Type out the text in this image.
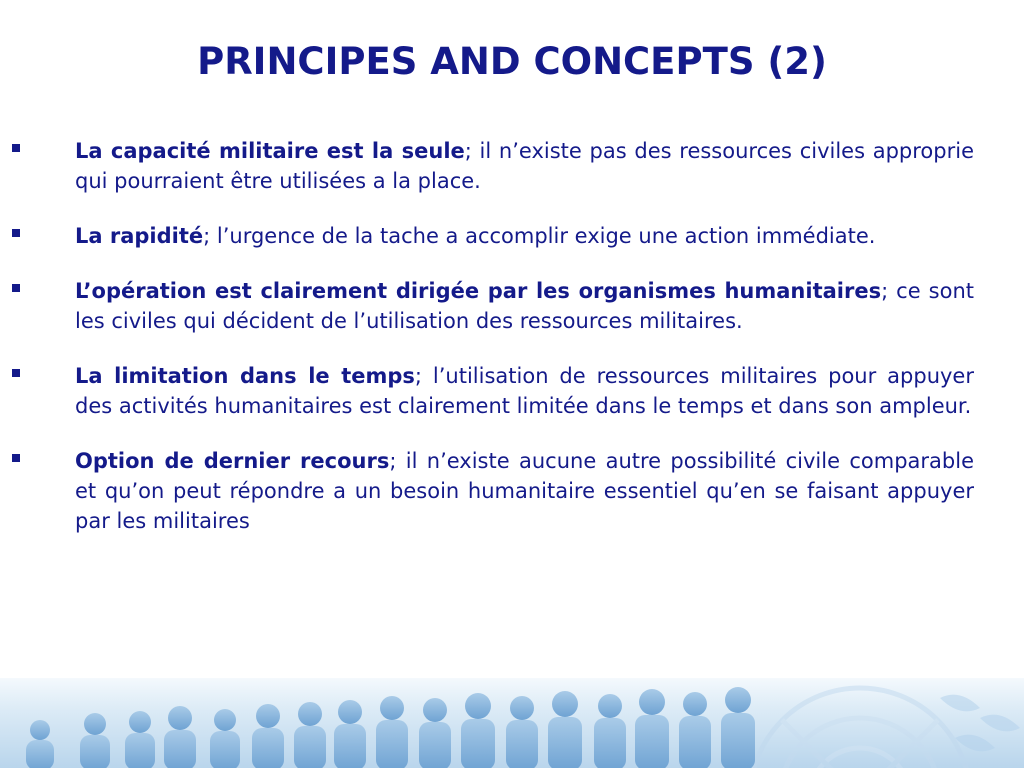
PRINCIPES AND CONCEPTS (2)
La capacité militaire est la seule; il n’existe pas des ressources civiles approprie qui pourraient être utilisées a la place.
La rapidité; l’urgence de la tache a accomplir exige une action immédiate.
L’opération est clairement dirigée par les organismes humanitaires; ce sont les civiles qui décident de l’utilisation des ressources militaires.
La limitation dans le temps; l’utilisation de ressources militaires pour appuyer des activités humanitaires est clairement limitée dans le temps et dans son ampleur.
Option de dernier recours; il n’existe aucune autre possibilité civile comparable et qu’on peut répondre a un besoin humanitaire essentiel qu’en se faisant appuyer par les militaires
